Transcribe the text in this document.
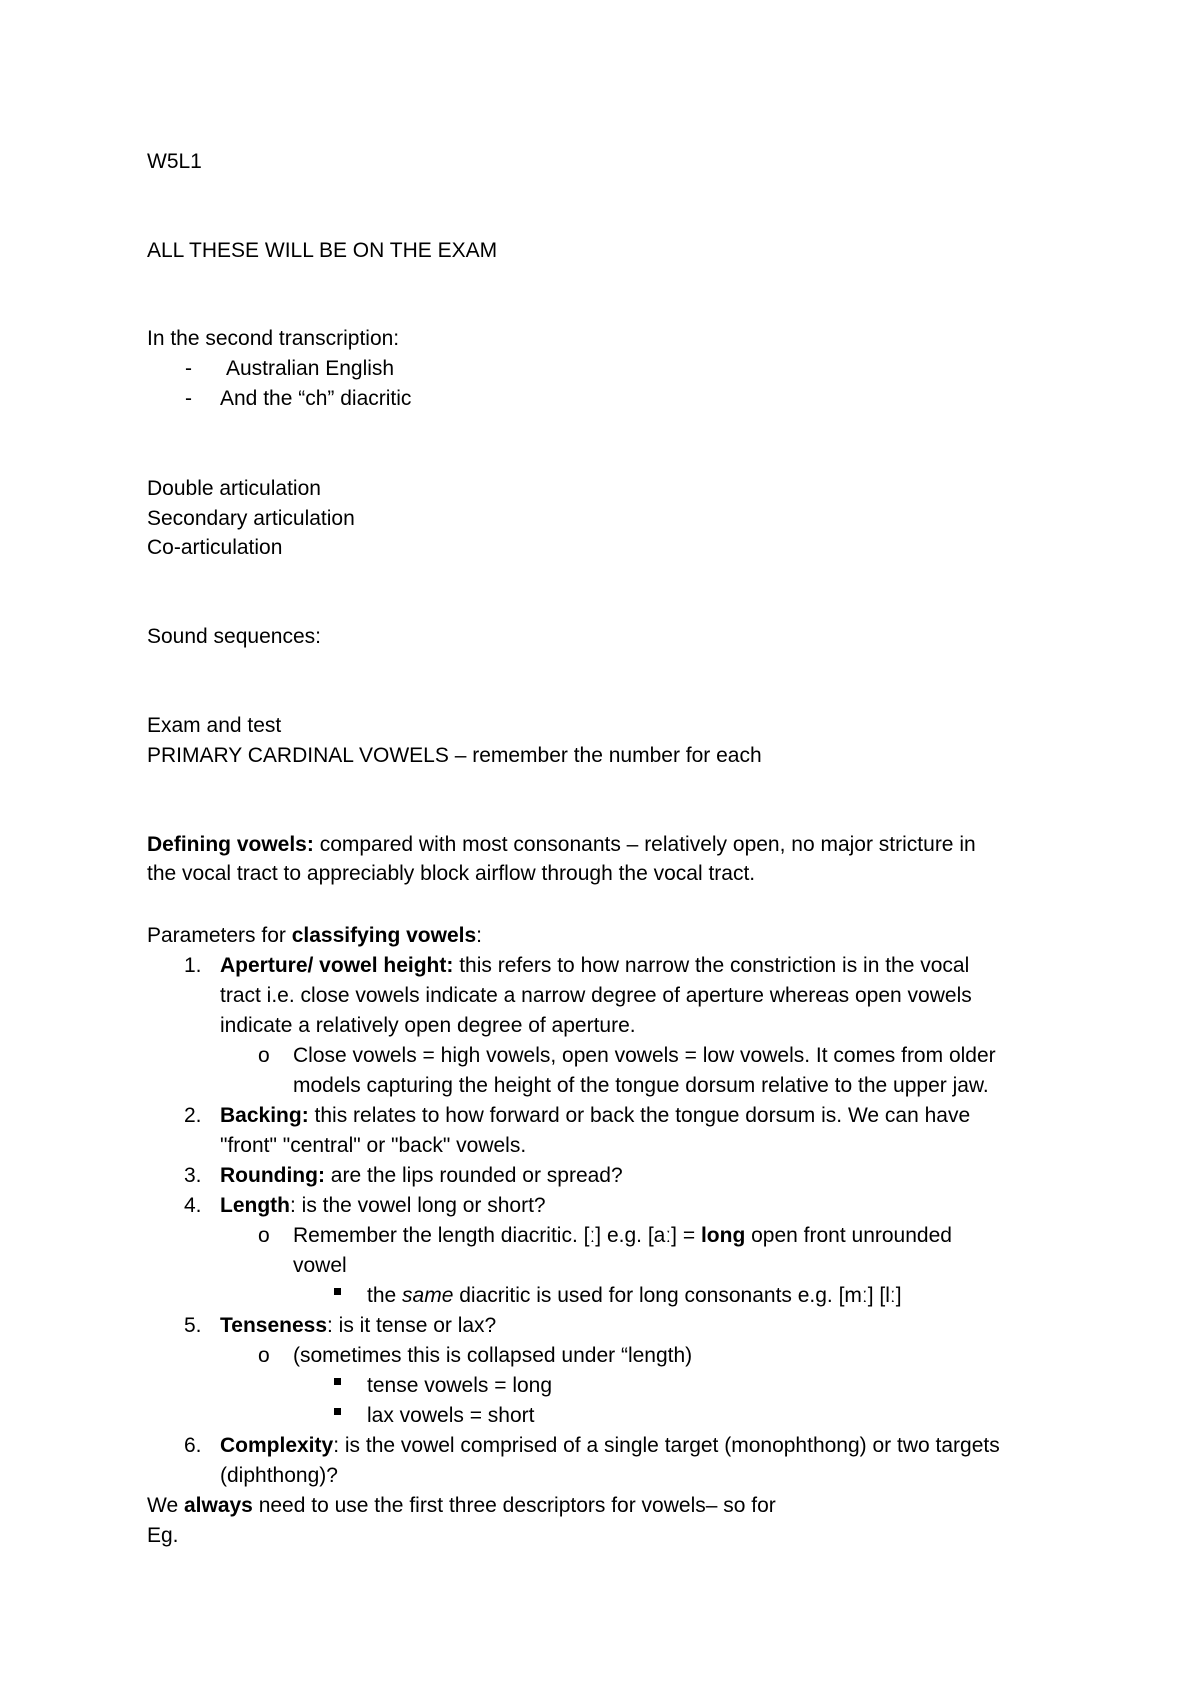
W5L1
ALL THESE WILL BE ON THE EXAM
In the second transcription:
- Australian English
- And the “ch” diacritic
Double articulation
Secondary articulation
Co-articulation
Sound sequences:
Exam and test
PRIMARY CARDINAL VOWELS – remember the number for each
Defining vowels: compared with most consonants – relatively open, no major stricture in
the vocal tract to appreciably block airflow through the vocal tract.
Parameters for classifying vowels:
1. Aperture/ vowel height: this refers to how narrow the constriction is in the vocal
tract i.e. close vowels indicate a narrow degree of aperture whereas open vowels
indicate a relatively open degree of aperture.
o Close vowels = high vowels, open vowels = low vowels. It comes from older
models capturing the height of the tongue dorsum relative to the upper jaw.
2. Backing: this relates to how forward or back the tongue dorsum is. We can have
"front" "central" or "back" vowels.
3. Rounding: are the lips rounded or spread?
4. Length: is the vowel long or short?
o Remember the length diacritic. [ː] e.g. [aː] = long open front unrounded
vowel
the same diacritic is used for long consonants e.g. [mː] [lː]
5. Tenseness: is it tense or lax?
o (sometimes this is collapsed under “length)
tense vowels = long
lax vowels = short
6. Complexity: is the vowel comprised of a single target (monophthong) or two targets
(diphthong)?
We always need to use the first three descriptors for vowels– so for
Eg.
